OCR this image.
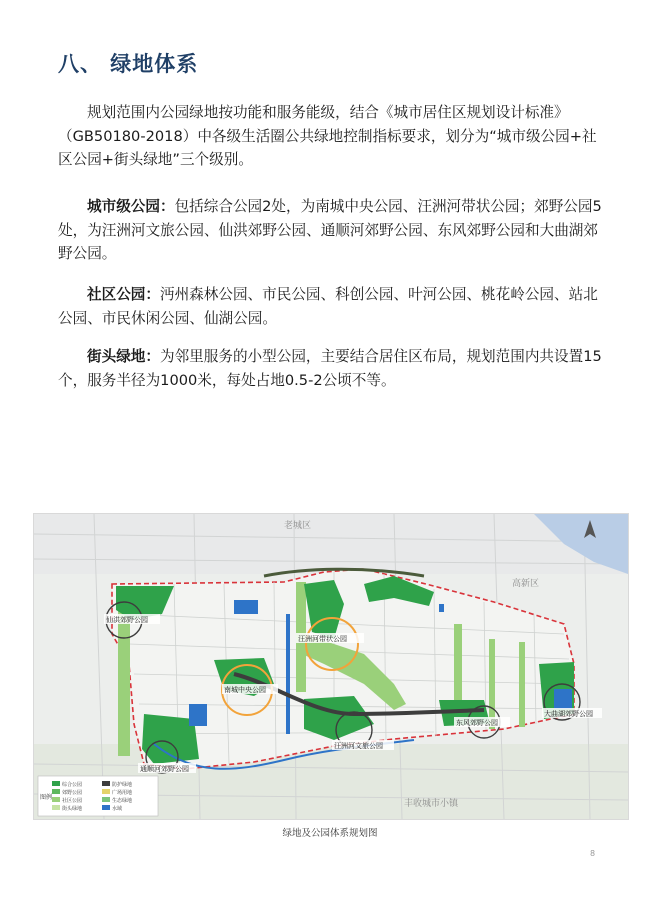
八、 绿地体系

规划范围内公园绿地按功能和服务能级，结合《城市居住区规划设计标准》（GB50180-2018）中各级生活圈公共绿地控制指标要求，划分为“城市级公园+社区公园+街头绿地”三个级别。

城市级公园：包括综合公园2处，为南城中央公园、汪洲河带状公园；郊野公园5处，为汪洲河文旅公园、仙洪郊野公园、通顺河郊野公园、东风郊野公园和大曲湖郊野公园。

社区公园：沔州森林公园、市民公园、科创公园、叶河公园、桃花岭公园、站北公园、市民休闲公园、仙湖公园。

街头绿地：为邻里服务的小型公园，主要结合居住区布局，规划范围内共设置15个，服务半径为1000米，每处占地0.5-2公顷不等。

老城区
高新区
丰收城市小镇
仙洪郊野公园
汪洲河带状公园
南城中央公园
汪洲河文旅公园
通顺河郊野公园
东风郊野公园
大曲湖郊野公园
图例
综合公园
郊野公园
社区公园
街头绿地
防护绿地
广场用地
生态绿地
水域
绿地及公园体系规划图
8
